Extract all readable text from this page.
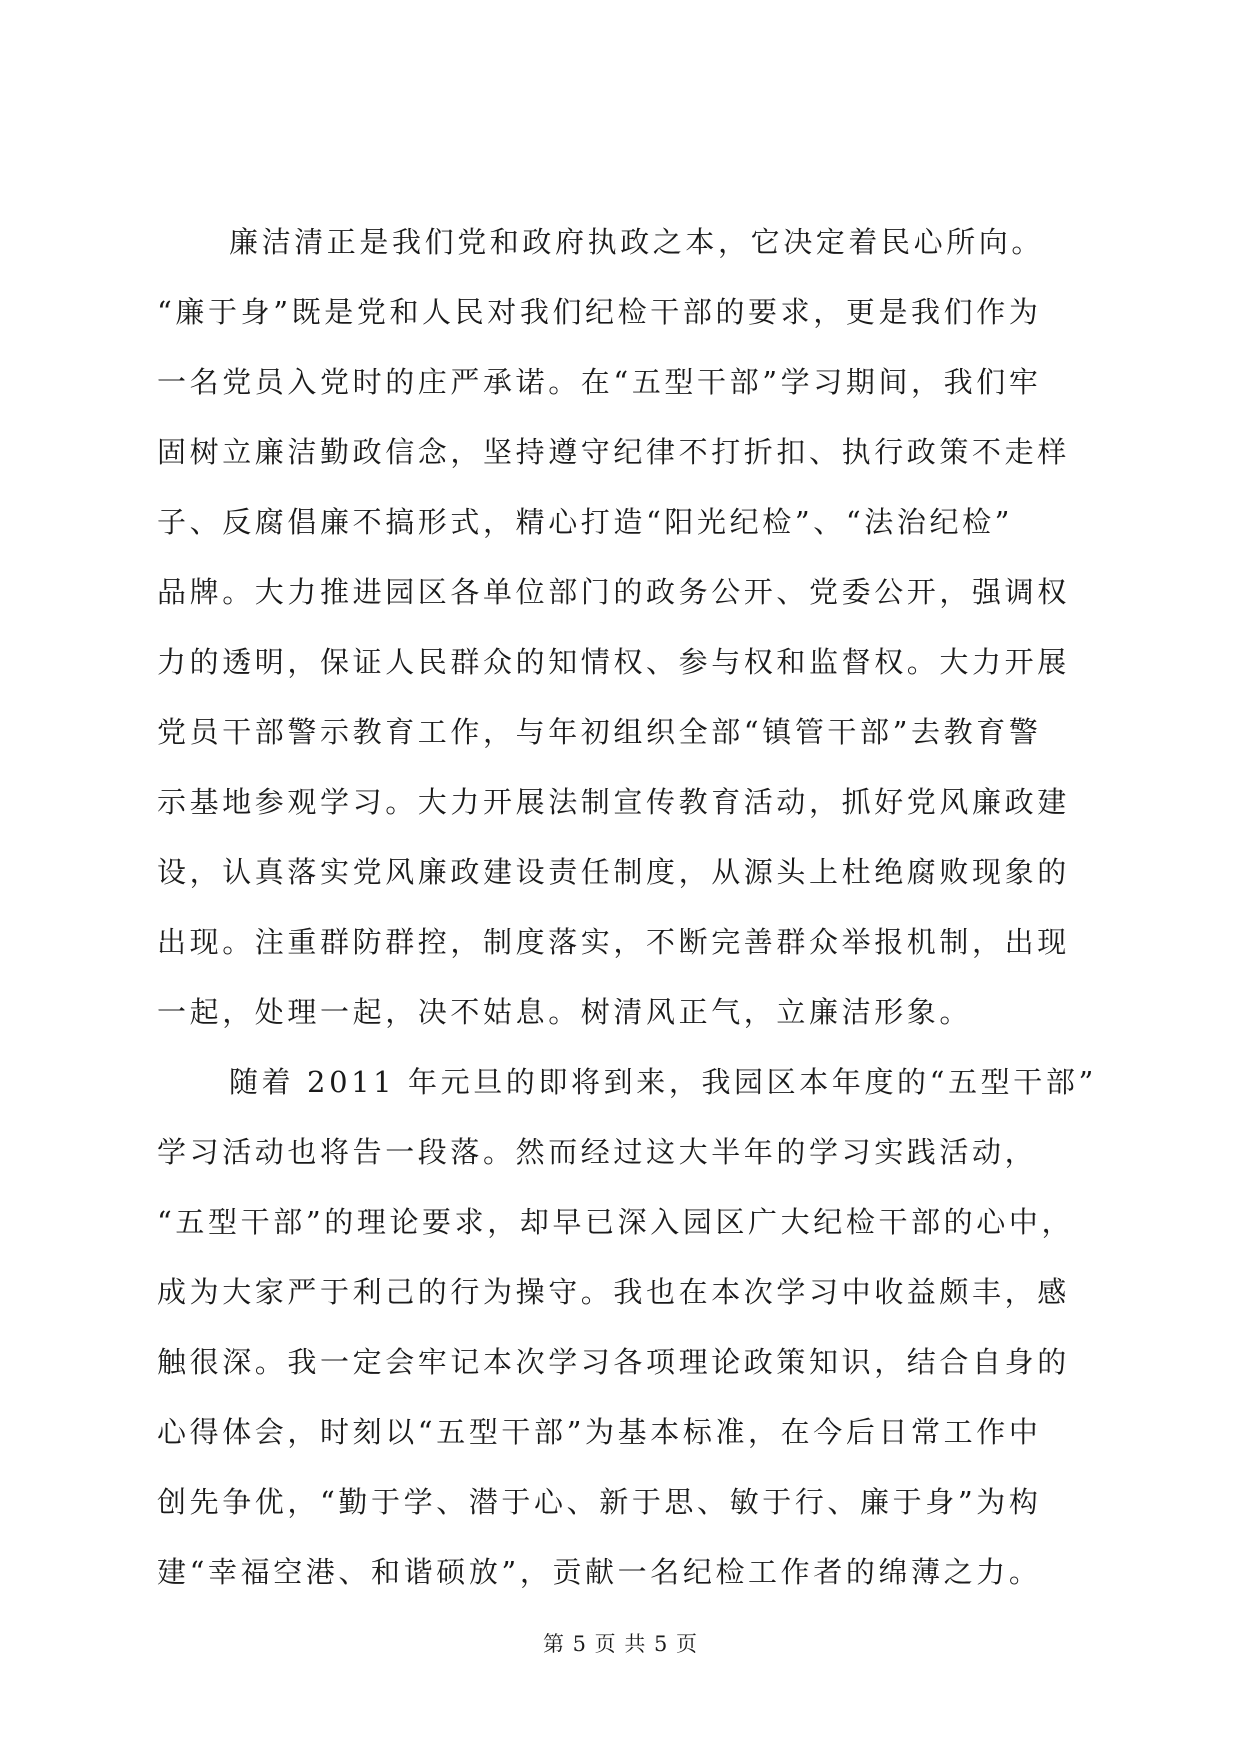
廉洁清正是我们党和政府执政之本，它决定着民心所向。
“廉于身”既是党和人民对我们纪检干部的要求，更是我们作为
一名党员入党时的庄严承诺。在“五型干部”学习期间，我们牢
固树立廉洁勤政信念，坚持遵守纪律不打折扣、执行政策不走样
子、反腐倡廉不搞形式，精心打造“阳光纪检”、“法治纪检”
品牌。大力推进园区各单位部门的政务公开、党委公开，强调权
力的透明，保证人民群众的知情权、参与权和监督权。大力开展
党员干部警示教育工作，与年初组织全部“镇管干部”去教育警
示基地参观学习。大力开展法制宣传教育活动，抓好党风廉政建
设，认真落实党风廉政建设责任制度，从源头上杜绝腐败现象的
出现。注重群防群控，制度落实，不断完善群众举报机制，出现
一起，处理一起，决不姑息。树清风正气，立廉洁形象。
随着 2011 年元旦的即将到来，我园区本年度的“五型干部”
学习活动也将告一段落。然而经过这大半年的学习实践活动，
“五型干部”的理论要求，却早已深入园区广大纪检干部的心中，
成为大家严于利己的行为操守。我也在本次学习中收益颇丰，感
触很深。我一定会牢记本次学习各项理论政策知识，结合自身的
心得体会，时刻以“五型干部”为基本标准，在今后日常工作中
创先争优，“勤于学、潜于心、新于思、敏于行、廉于身”为构
建“幸福空港、和谐硕放”，贡献一名纪检工作者的绵薄之力。
第 5 页 共 5 页
